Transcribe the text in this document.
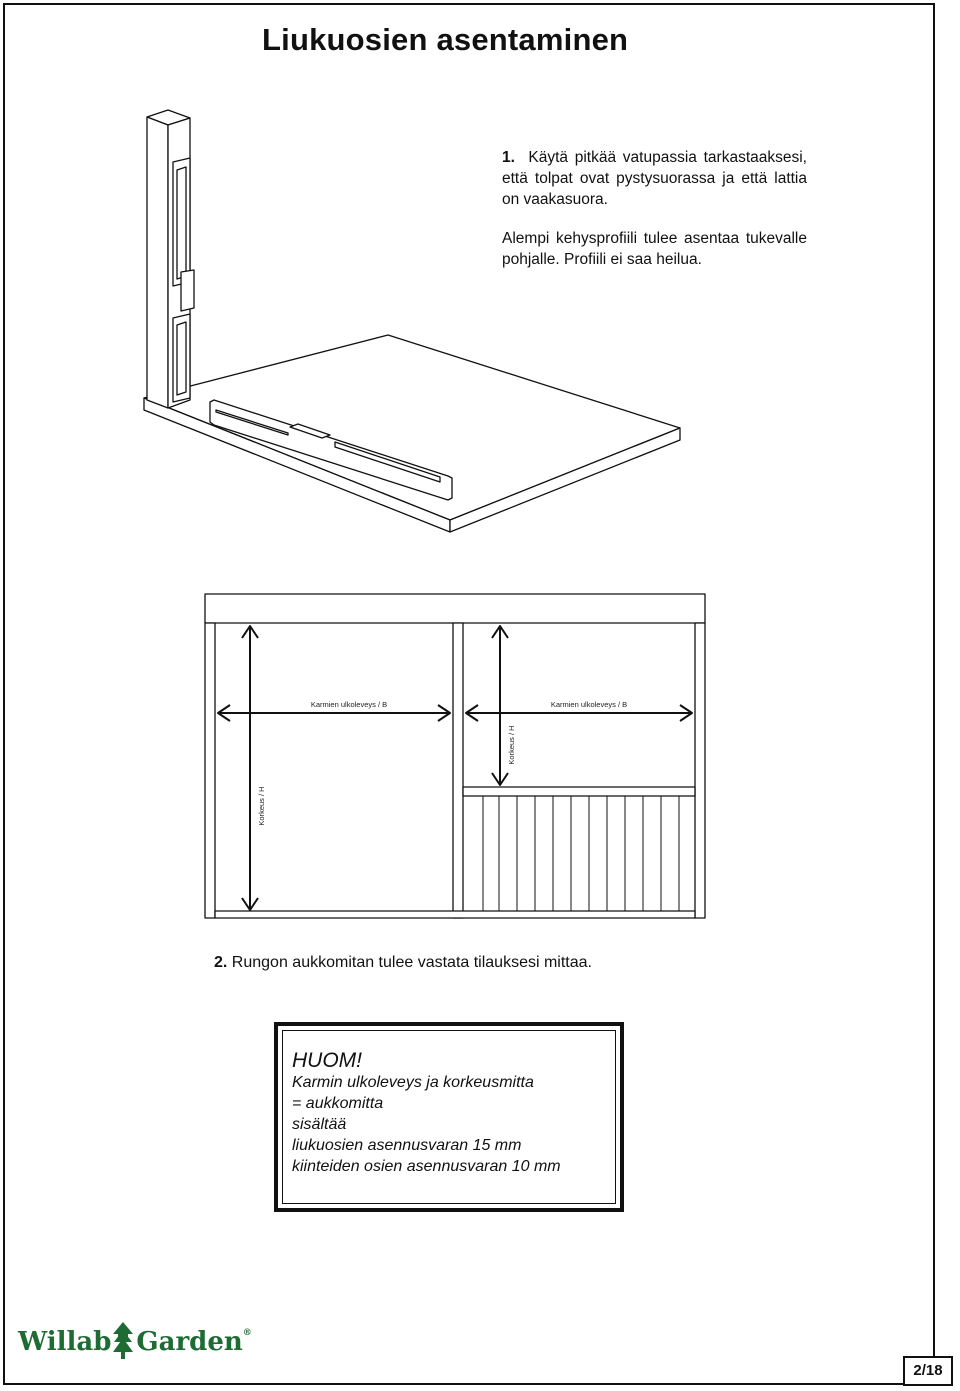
Liukuosien asentaminen

1. Käytä pitkää vatupassia tarkastaaksesi, että tolpat ovat pystysuorassa ja että lattia on vaakasuora.

Alempi kehysprofiili tulee asentaa tukevalle pohjalle. Profiili ei saa heilua.

Karmien ulkoleveys / B	Karmien ulkoleveys / B
Korkeus / H
Korkeus / H
2. Rungon aukkomitan tulee vastata tilauksesi mittaa.
HUOM!
Karmin ulkoleveys ja korkeusmitta
= aukkomitta
sisältää
liukuosien asennusvaran 15 mm
kiinteiden osien asennusvaran 10 mm
Willab Garden ®
2/18
